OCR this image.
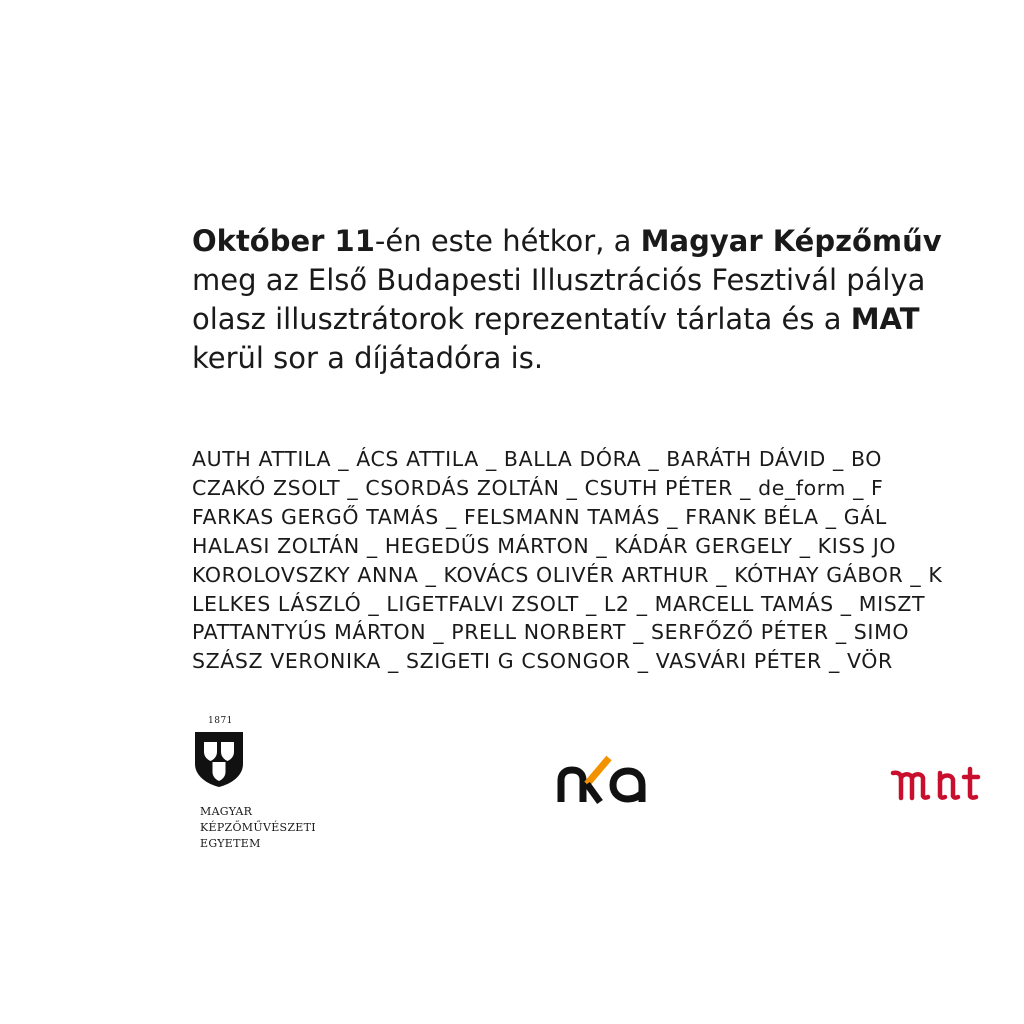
Október 11-én este hétkor, a Magyar Képzőműv
meg az Első Budapesti Illusztrációs Fesztivál pálya
olasz illusztrátorok reprezentatív tárlata és a MAT
kerül sor a díjátadóra is.

AUTH ATTILA _ ÁCS ATTILA _ BALLA DÓRA _ BARÁTH DÁVID _ BO
CZAKÓ ZSOLT _ CSORDÁS ZOLTÁN _ CSUTH PÉTER _ de_form _ F
FARKAS GERGŐ TAMÁS _ FELSMANN TAMÁS _ FRANK BÉLA _ GÁL
HALASI ZOLTÁN _ HEGEDŰS MÁRTON _ KÁDÁR GERGELY _ KISS JO
KOROLOVSZKY ANNA _ KOVÁCS OLIVÉR ARTHUR _ KÓTHAY GÁBOR _ K
LELKES LÁSZLÓ _ LIGETFALVI ZSOLT _ L2 _ MARCELL TAMÁS _ MISZT
PATTANTYÚS MÁRTON _ PRELL NORBERT _ SERFŐZŐ PÉTER _ SIMO
SZÁSZ VERONIKA _ SZIGETI G CSONGOR _ VASVÁRI PÉTER _ VÖR
1871
MAGYAR
KÉPZŐMŰVÉSZETI
EGYETEM
